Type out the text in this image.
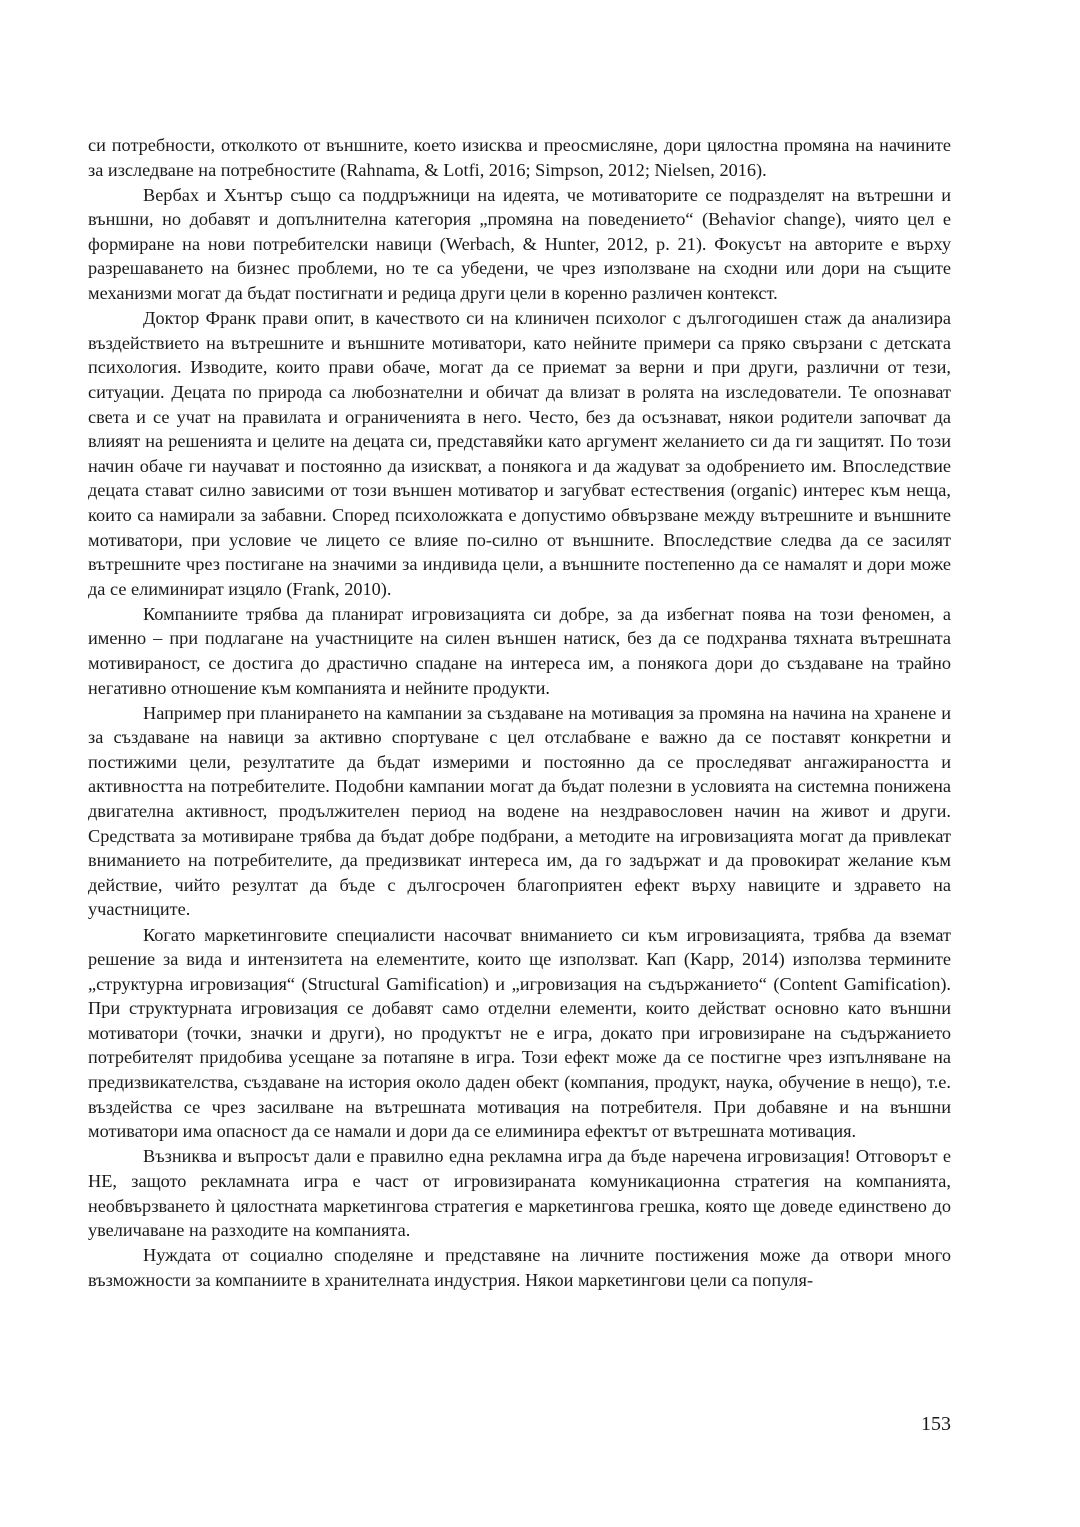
си потребности, отколкото от външните, което изисква и преосмисляне, дори цялостна промяна на начините за изследване на потребностите (Rahnama, & Lotfi, 2016; Simpson, 2012; Nielsen, 2016).

Вербах и Хънтър също са поддръжници на идеята, че мотиваторите се подразделят на вътрешни и външни, но добавят и допълнителна категория „промяна на поведението“ (Behavior change), чиято цел е формиране на нови потребителски навици (Werbach, & Hunter, 2012, p. 21). Фокусът на авторите е върху разрешаването на бизнес проблеми, но те са убедени, че чрез използване на сходни или дори на същите механизми могат да бъдат постигнати и редица други цели в коренно различен контекст.

Доктор Франк прави опит, в качеството си на клиничен психолог с дългогодишен стаж да анализира въздействието на вътрешните и външните мотиватори, като нейните примери са пряко свързани с детската психология. Изводите, които прави обаче, могат да се приемат за верни и при други, различни от тези, ситуации. Децата по природа са любознателни и обичат да влизат в ролята на изследователи. Те опознават света и се учат на правилата и ограниченията в него. Често, без да осъзнават, някои родители започват да влияят на решенията и целите на децата си, представяйки като аргумент желанието си да ги защитят. По този начин обаче ги научават и постоянно да изискват, а понякога и да жадуват за одобрението им. Впоследствие децата стават силно зависими от този външен мотиватор и загубват естествения (organic) интерес към неща, които са намирали за забавни. Според психоложката е допустимо обвързване между вътрешните и външните мотиватори, при условие че лицето се влияе по-силно от външните. Впоследствие следва да се засилят вътрешните чрез постигане на значими за индивида цели, а външните постепенно да се намалят и дори може да се елиминират изцяло (Frank, 2010).

Компаниите трябва да планират игровизацията си добре, за да избегнат поява на този феномен, а именно – при подлагане на участниците на силен външен натиск, без да се подхранва тяхната вътрешната мотивираност, се достига до драстично спадане на интереса им, а понякога дори до създаване на трайно негативно отношение към компанията и нейните продукти.

Например при планирането на кампании за създаване на мотивация за промяна на начина на хранене и за създаване на навици за активно спортуване с цел отслабване е важно да се поставят конкретни и постижими цели, резултатите да бъдат измерими и постоянно да се проследяват ангажираността и активността на потребителите. Подобни кампании могат да бъдат полезни в условията на системна понижена двигателна активност, продължителен период на водене на нездравословен начин на живот и други. Средствата за мотивиране трябва да бъдат добре подбрани, а методите на игровизацията могат да привлекат вниманието на потребителите, да предизвикат интереса им, да го задържат и да провокират желание към действие, чийто резултат да бъде с дългосрочен благоприятен ефект върху навиците и здравето на участниците.

Когато маркетинговите специалисти насочват вниманието си към игровизацията, трябва да вземат решение за вида и интензитета на елементите, които ще използват. Кап (Kapp, 2014) използва термините „структурна игровизация“ (Structural Gamification) и „игровизация на съдържанието“ (Content Gamification). При структурната игровизация се добавят само отделни елементи, които действат основно като външни мотиватори (точки, значки и други), но продуктът не е игра, докато при игровизиране на съдържанието потребителят придобива усещане за потапяне в игра. Този ефект може да се постигне чрез изпълняване на предизвикателства, създаване на история около даден обект (компания, продукт, наука, обучение в нещо), т.е. въздейства се чрез засилване на вътрешната мотивация на потребителя. При добавяне и на външни мотиватори има опасност да се намали и дори да се елиминира ефектът от вътрешната мотивация.

Възниква и въпросът дали е правилно една рекламна игра да бъде наречена игровизация! Отговорът е НЕ, защото рекламната игра е част от игровизираната комуникационна стратегия на компанията, необвързването ѝ цялостната маркетингова стратегия е маркетингова грешка, която ще доведе единствено до увеличаване на разходите на компанията.

Нуждата от социално споделяне и представяне на личните постижения може да отвори много възможности за компаниите в хранителната индустрия. Някои маркетингови цели са популя-

153
